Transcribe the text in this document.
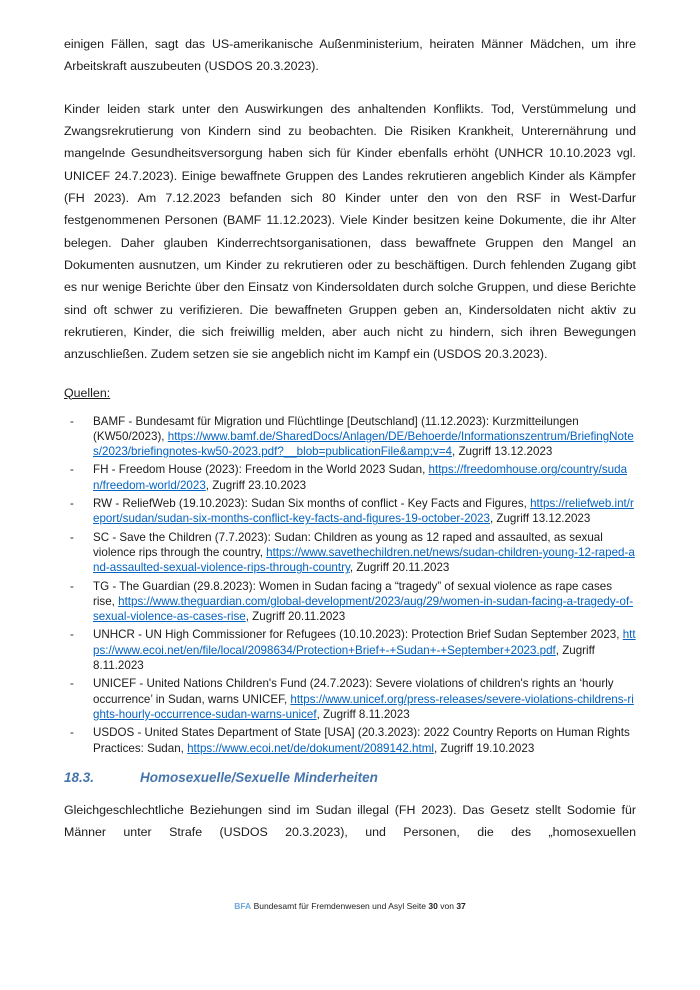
einigen Fällen, sagt das US-amerikanische Außenministerium, heiraten Männer Mädchen, um ihre Arbeitskraft auszubeuten (USDOS 20.3.2023).

Kinder leiden stark unter den Auswirkungen des anhaltenden Konflikts. Tod, Verstümmelung und Zwangsrekrutierung von Kindern sind zu beobachten. Die Risiken Krankheit, Unterernährung und mangelnde Gesundheitsversorgung haben sich für Kinder ebenfalls erhöht (UNHCR 10.10.2023 vgl. UNICEF 24.7.2023). Einige bewaffnete Gruppen des Landes rekrutieren angeblich Kinder als Kämpfer (FH 2023). Am 7.12.2023 befanden sich 80 Kinder unter den von den RSF in West-Darfur festgenommenen Personen (BAMF 11.12.2023). Viele Kinder besitzen keine Dokumente, die ihr Alter belegen. Daher glauben Kinderrechtsorganisationen, dass bewaffnete Gruppen den Mangel an Dokumenten ausnutzen, um Kinder zu rekrutieren oder zu beschäftigen. Durch fehlenden Zugang gibt es nur wenige Berichte über den Einsatz von Kindersoldaten durch solche Gruppen, und diese Berichte sind oft schwer zu verifizieren. Die bewaffneten Gruppen geben an, Kindersoldaten nicht aktiv zu rekrutieren, Kinder, die sich freiwillig melden, aber auch nicht zu hindern, sich ihren Bewegungen anzuschließen. Zudem setzen sie sie angeblich nicht im Kampf ein (USDOS 20.3.2023).

Quellen:

- BAMF - Bundesamt für Migration und Flüchtlinge [Deutschland] (11.12.2023): Kurzmitteilungen (KW50/2023), https://www.bamf.de/SharedDocs/Anlagen/DE/Behoerde/Informationszentrum/BriefingNotes/2023/briefingnotes-kw50-2023.pdf?__blob=publicationFile&amp;v=4, Zugriff 13.12.2023
- FH - Freedom House (2023): Freedom in the World 2023 Sudan, https://freedomhouse.org/country/sudan/freedom-world/2023, Zugriff 23.10.2023
- RW - ReliefWeb (19.10.2023): Sudan Six months of conflict - Key Facts and Figures, https://reliefweb.int/report/sudan/sudan-six-months-conflict-key-facts-and-figures-19-october-2023, Zugriff 13.12.2023
- SC - Save the Children (7.7.2023): Sudan: Children as young as 12 raped and assaulted, as sexual violence rips through the country, https://www.savethechildren.net/news/sudan-children-young-12-raped-and-assaulted-sexual-violence-rips-through-country, Zugriff 20.11.2023
- TG - The Guardian (29.8.2023): Women in Sudan facing a “tragedy” of sexual violence as rape cases rise, https://www.theguardian.com/global-development/2023/aug/29/women-in-sudan-facing-a-tragedy-of-sexual-violence-as-cases-rise, Zugriff 20.11.2023
- UNHCR - UN High Commissioner for Refugees (10.10.2023): Protection Brief Sudan September 2023, https://www.ecoi.net/en/file/local/2098634/Protection+Brief+-+Sudan+-+September+2023.pdf, Zugriff 8.11.2023
- UNICEF - United Nations Children's Fund (24.7.2023): Severe violations of children's rights an ‘hourly occurrence’ in Sudan, warns UNICEF, https://www.unicef.org/press-releases/severe-violations-childrens-rights-hourly-occurrence-sudan-warns-unicef, Zugriff 8.11.2023
- USDOS - United States Department of State [USA] (20.3.2023): 2022 Country Reports on Human Rights Practices: Sudan, https://www.ecoi.net/de/dokument/2089142.html, Zugriff 19.10.2023
18.3.	Homosexuelle/Sexuelle Minderheiten

Gleichgeschlechtliche Beziehungen sind im Sudan illegal (FH 2023). Das Gesetz stellt Sodomie für Männer unter Strafe (USDOS 20.3.2023), und Personen, die des „homosexuellen

BFA Bundesamt für Fremdenwesen und Asyl Seite 30 von 37
